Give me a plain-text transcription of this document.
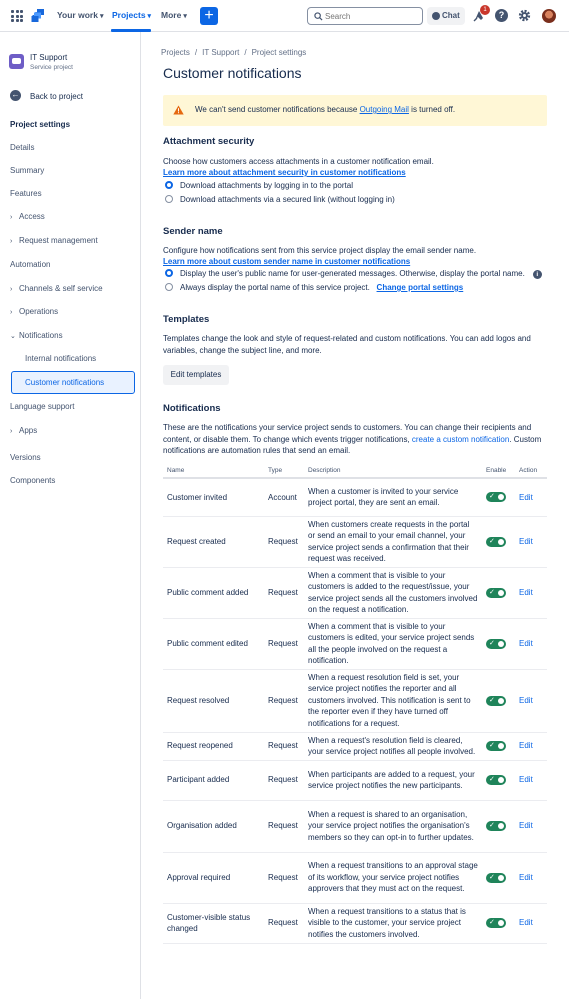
Your work ▾ Projects ▾ More ▾ +
Search	Chat
1	?
IT Support
Service project
← Back to project
Project settings
Details
Summary
Features
› Access
› Request management
Automation
› Channels & self service
› Operations
⌄ Notifications
Internal notifications
Customer notifications
Language support
› Apps
Versions
Components
Projects / IT Support / Project settings
Customer notifications
We can't send customer notifications because Outgoing Mail is turned off.
Attachment security
Choose how customers access attachments in a customer notification email.
Learn more about attachment security in customer notifications
Download attachments by logging in to the portal
Download attachments via a secured link (without logging in)
Sender name
Configure how notifications sent from this service project display the email sender name.
Learn more about custom sender name in customer notifications
Display the user's public name for user-generated messages. Otherwise, display the portal name. i
Always display the portal name of this service project. Change portal settings
Templates
Templates change the look and style of request-related and custom notifications. You can add logos and variables, change the subject line, and more.
Edit templates
Notifications
These are the notifications your service project sends to customers. You can change their recipients and content, or disable them. To change which events trigger notifications, create a custom notification. Custom notifications are automation rules that send an email.
Name	Type	Description	Enable	Action
Customer invited	Account	When a customer is invited to your service project portal, they are sent an email.	✓	Edit
Request created	Request	When customers create requests in the portal or send an email to your email channel, your service project sends a confirmation that their request was received.	✓	Edit
Public comment added	Request	When a comment that is visible to your customers is added to the request/issue, your service project sends all the customers involved on the request a notification.	✓	Edit
Public comment edited	Request	When a comment that is visible to your customers is edited, your service project sends all the people involved on the request a notification.	✓	Edit
Request resolved	Request	When a request resolution field is set, your service project notifies the reporter and all customers involved. This notification is sent to the reporter even if they have turned off notifications for a request.	✓	Edit
Request reopened	Request	When a request's resolution field is cleared, your service project notifies all people involved.	✓	Edit
Participant added	Request	When participants are added to a request, your service project notifies the new participants.	✓	Edit
Organisation added	Request	When a request is shared to an organisation, your service project notifies the organisation's members so they can opt-in to further updates.	✓	Edit
Approval required	Request	When a request transitions to an approval stage of its workflow, your service project notifies approvers that they must act on the request.	✓	Edit
Customer-visible status changed	Request	When a request transitions to a status that is visible to the customer, your service project notifies the customers involved.	✓	Edit
